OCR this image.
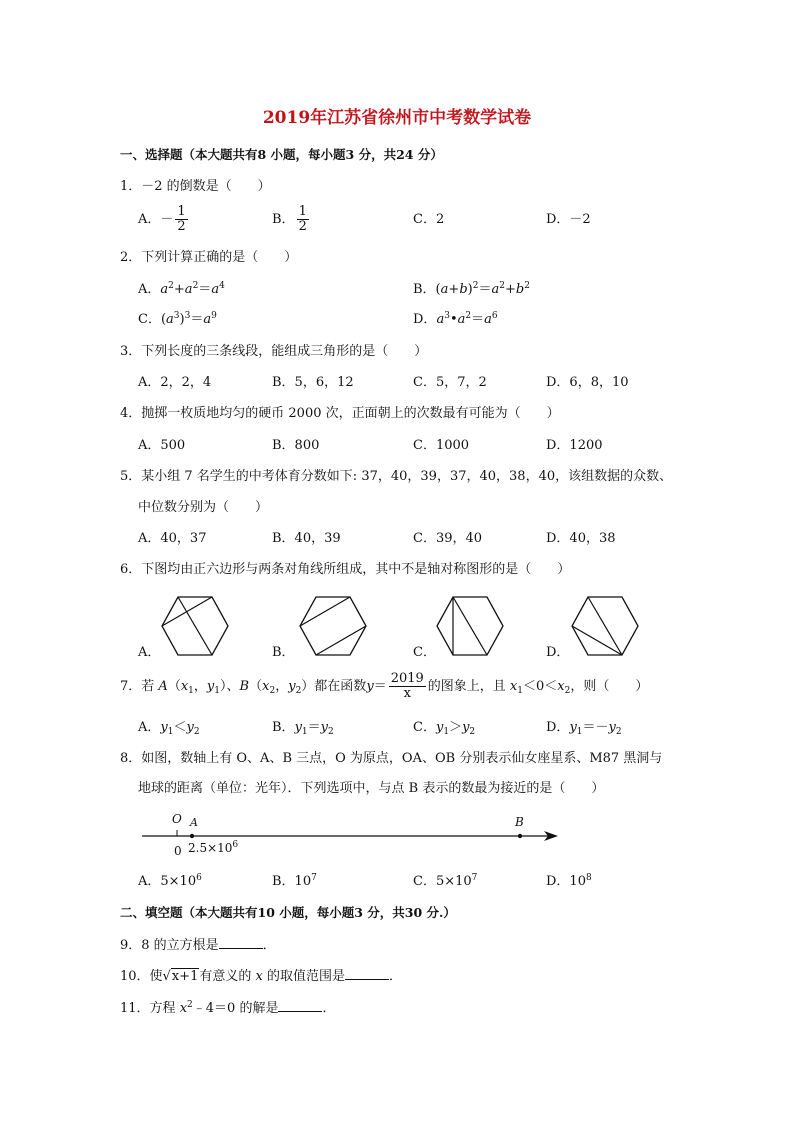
2019年江苏省徐州市中考数学试卷
一、选择题（本大题共有8 小题，每小题3 分，共24 分）
1．－2 的倒数是（　　）
A．－ $\frac{1}{2}$	B． $\frac{1}{2}$	C．2	D．－2
2．下列计算正确的是（　　）
A．$a^2+a^2=a^4$	B．$(a+b)^2=a^2+b^2$
C．$(a^3)^3=a^9$	D．$a^3•a^2=a^6$
3．下列长度的三条线段，能组成三角形的是（　　）
A．2，2，4	B．5，6，12	C．5，7，2	D．6，8，10
4．抛掷一枚质地均匀的硬币 2000 次，正面朝上的次数最有可能为（　　）
A．500	B．800	C．1000	D．1200
5．某小组 7 名学生的中考体育分数如下: 37，40，39，37，40，38，40，该组数据的众数、
中位数分别为（　　）
A．40，37	B．40，39	C．39，40	D．40，38
6．下图均由正六边形与两条对角线所组成，其中不是轴对称图形的是（　　）
A．	B．	C．	D．
7．若 $A(x_1$，$y_1$）、$B(x_2$，$y_2$）都在函数$y= \frac{2019}{x}$ 的图象上，且 $x_1<0<x_2$，则（　　）
A．$y_1<y_2$	B．$y_1=y_2$	C．$y_1>y_2$	D．$y_1=-y_2$
8．如图，数轴上有 O、A、B 三点，O 为原点，OA、OB 分别表示仙女座星系、M87 黑洞与
地球的距离（单位：光年）．下列选项中，与点 B 表示的数最为接近的是（　　）
O A	B
0 $2.5\times 10^6$
A．$5\times 10^6$	B．$10^7$	C．$5\times 10^7$	D．$10^8$
二、填空题（本大题共有10 小题，每小题3 分，共30 分.）
9．8 的立方根是	．
10．使√x+1有意义的 x 的取值范围是	．
11．方程 $x^2﹣4=0$ 的解是	．
